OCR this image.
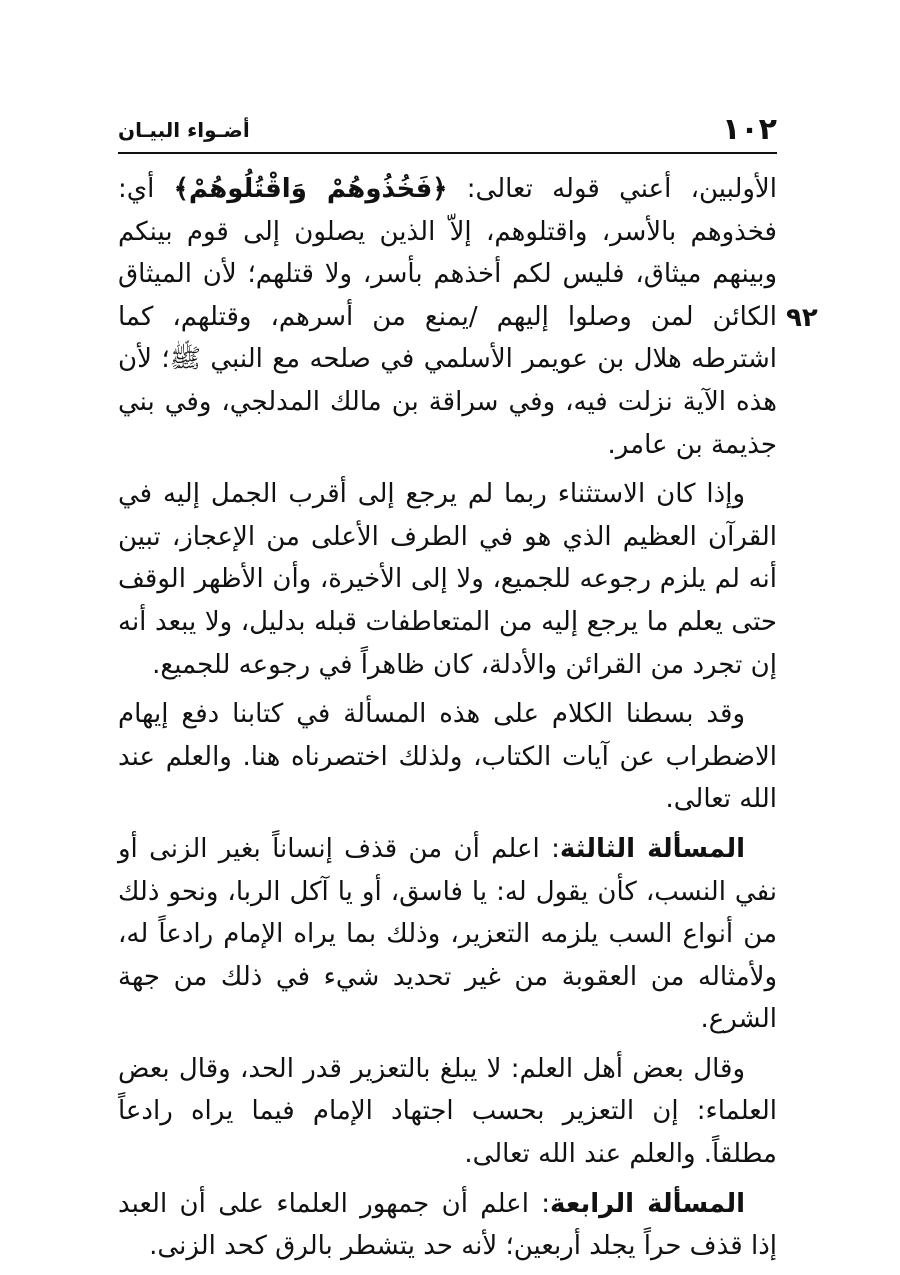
١٠٢
أضـواء البيـان
٩٢

الأولبين، أعني قوله تعالى: ﴿فَخُذُوهُمْ وَاقْتُلُوهُمْ﴾ أي: فخذوهم بالأسر، واقتلوهم، إلاّ الذين يصلون إلى قوم بينكم وبينهم ميثاق، فليس لكم أخذهم بأسر، ولا قتلهم؛ لأن الميثاق الكائن لمن وصلوا إليهم /يمنع من أسرهم، وقتلهم، كما اشترطه هلال بن عويمر الأسلمي في صلحه مع النبي ﷺ؛ لأن هذه الآية نزلت فيه، وفي سراقة بن مالك المدلجي، وفي بني جذيمة بن عامر.

وإذا كان الاستثناء ربما لم يرجع إلى أقرب الجمل إليه في القرآن العظيم الذي هو في الطرف الأعلى من الإعجاز، تبين أنه لم يلزم رجوعه للجميع، ولا إلى الأخيرة، وأن الأظهر الوقف حتى يعلم ما يرجع إليه من المتعاطفات قبله بدليل، ولا يبعد أنه إن تجرد من القرائن والأدلة، كان ظاهراً في رجوعه للجميع.

وقد بسطنا الكلام على هذه المسألة في كتابنا دفع إيهام الاضطراب عن آيات الكتاب، ولذلك اختصرناه هنا. والعلم عند الله تعالى.

المسألة الثالثة: اعلم أن من قذف إنساناً بغير الزنى أو نفي النسب، كأن يقول له: يا فاسق، أو يا آكل الربا، ونحو ذلك من أنواع السب يلزمه التعزير، وذلك بما يراه الإمام رادعاً له، ولأمثاله من العقوبة من غير تحديد شيء في ذلك من جهة الشرع.

وقال بعض أهل العلم: لا يبلغ بالتعزير قدر الحد، وقال بعض العلماء: إن التعزير بحسب اجتهاد الإمام فيما يراه رادعاً مطلقاً. والعلم عند الله تعالى.

المسألة الرابعة: اعلم أن جمهور العلماء على أن العبد إذا قذف حراً يجلد أربعين؛ لأنه حد يتشطر بالرق كحد الزنى.
